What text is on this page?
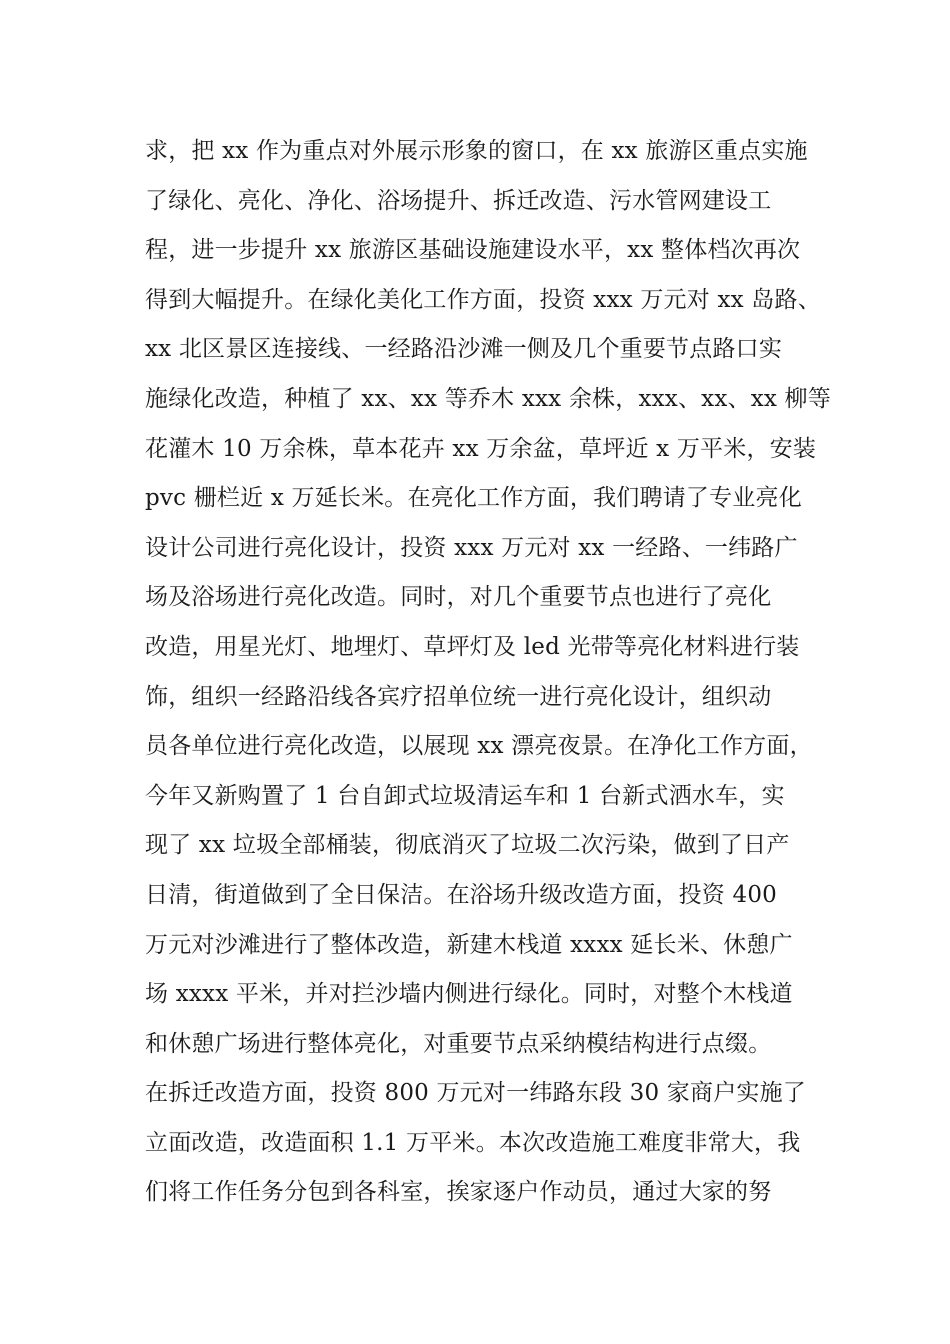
求，把 xx 作为重点对外展示形象的窗口，在 xx 旅游区重点实施
了绿化、亮化、净化、浴场提升、拆迁改造、污水管网建设工
程，进一步提升 xx 旅游区基础设施建设水平，xx 整体档次再次
得到大幅提升。在绿化美化工作方面，投资 xxx 万元对 xx 岛路、
xx 北区景区连接线、一经路沿沙滩一侧及几个重要节点路口实
施绿化改造，种植了 xx、xx 等乔木 xxx 余株，xxx、xx、xx 柳等
花灌木 10 万余株，草本花卉 xx 万余盆，草坪近 x 万平米，安装
pvc 栅栏近 x 万延长米。在亮化工作方面，我们聘请了专业亮化
设计公司进行亮化设计，投资 xxx 万元对 xx 一经路、一纬路广
场及浴场进行亮化改造。同时，对几个重要节点也进行了亮化
改造，用星光灯、地埋灯、草坪灯及 led 光带等亮化材料进行装
饰，组织一经路沿线各宾疗招单位统一进行亮化设计，组织动
员各单位进行亮化改造，以展现 xx 漂亮夜景。在净化工作方面，
今年又新购置了 1 台自卸式垃圾清运车和 1 台新式洒水车，实
现了 xx 垃圾全部桶装，彻底消灭了垃圾二次污染，做到了日产
日清，街道做到了全日保洁。在浴场升级改造方面，投资 400
万元对沙滩进行了整体改造，新建木栈道 xxxx 延长米、休憩广
场 xxxx 平米，并对拦沙墙内侧进行绿化。同时，对整个木栈道
和休憩广场进行整体亮化，对重要节点采纳模结构进行点缀。
在拆迁改造方面，投资 800 万元对一纬路东段 30 家商户实施了
立面改造，改造面积 1.1 万平米。本次改造施工难度非常大，我
们将工作任务分包到各科室，挨家逐户作动员，通过大家的努
